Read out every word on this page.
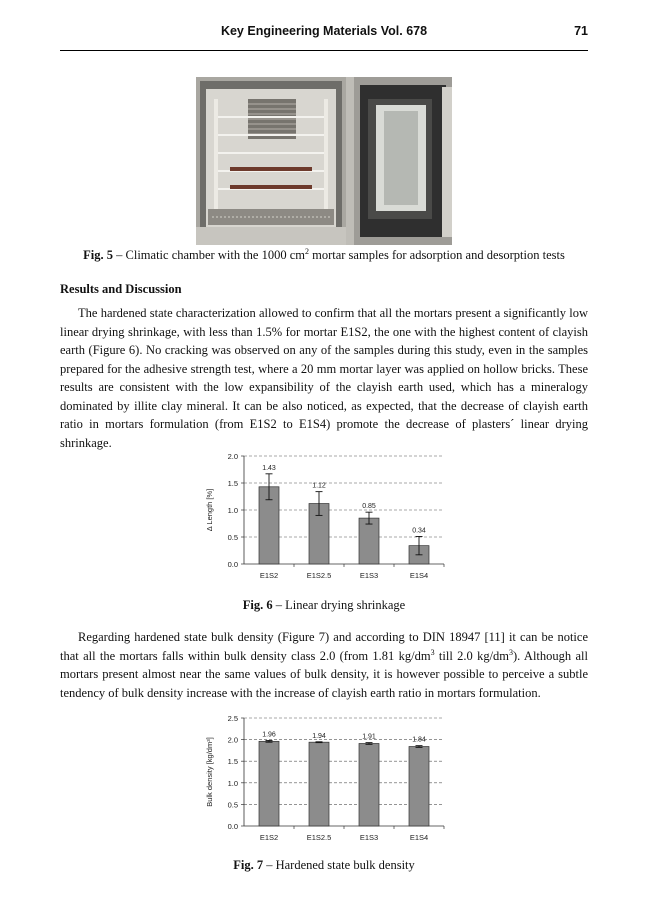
Key Engineering Materials Vol. 678	71
Fig. 5 – Climatic chamber with the 1000 $cm^2$ mortar samples for adsorption and desorption tests
Results and Discussion

The hardened state characterization allowed to confirm that all the mortars present a significantly low linear drying shrinkage, with less than 1.5% for mortar E1S2, the one with the highest content of clayish earth (Figure 6). No cracking was observed on any of the samples during this study, even in the samples prepared for the adhesive strength test, where a 20 mm mortar layer was applied on hollow bricks. These results are consistent with the low expansibility of the clayish earth used, which has a mineralogy dominated by illite clay mineral. It can be also noticed, as expected, that the decrease of clayish earth ratio in mortars formulation (from E1S2 to E1S4) promote the decrease of plasters´ linear drying shrinkage.

0.0
0.5
1.0
1.5
2.0
Δ Length [%]
1.43
E1S2
1.12
E1S2.5
0.85
E1S3
0.34
E1S4
Fig. 6 – Linear drying shrinkage

Regarding hardened state bulk density (Figure 7) and according to DIN 18947 [11] it can be notice that all the mortars falls within bulk density class 2.0 (from 1.81 $kg/dm^3$ till 2.0 $kg/dm^3$). Although all mortars present almost near the same values of bulk density, it is however possible to perceive a subtle tendency of bulk density increase with the increase of clayish earth ratio in mortars formulation.

0.0
0.5
1.0
1.5
2.0
2.5
Bulk density [kg/dm³]
1.96
E1S2
1.94
E1S2.5
1.91
E1S3
1.84
E1S4
Fig. 7 – Hardened state bulk density
